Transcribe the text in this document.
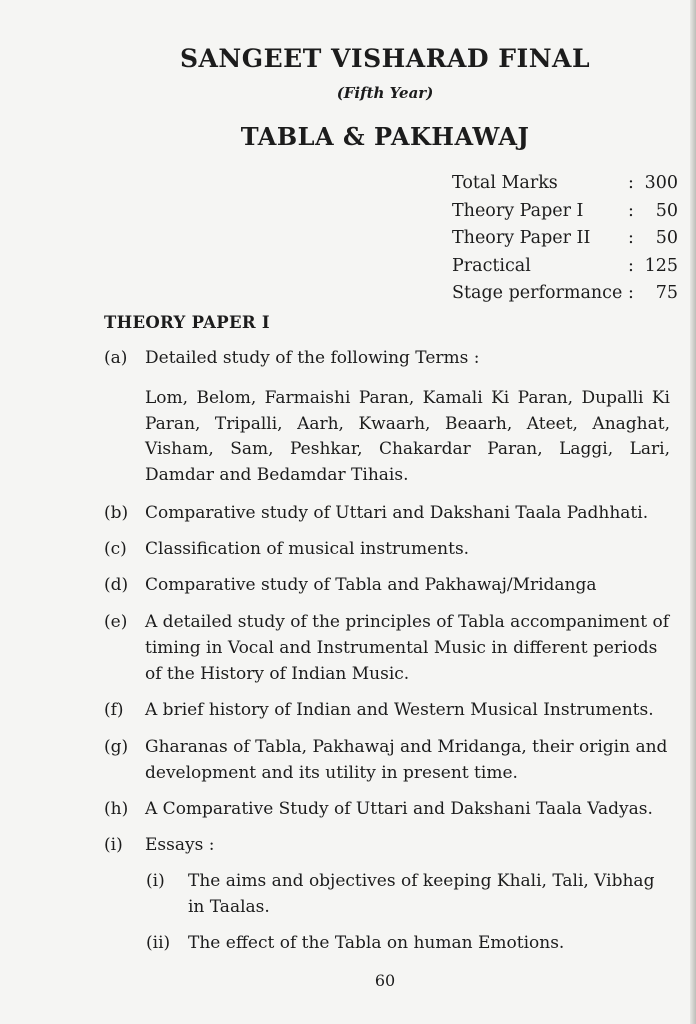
SANGEET VISHARAD FINAL
(Fifth Year)
TABLA & PAKHAWAJ
Total Marks	: 300
Theory Paper I	:	50
Theory Paper II	:	50
Practical	: 125
Stage performance :	75
THEORY PAPER I
(a)	Detailed study of the following Terms :
Lom, Belom, Farmaishi Paran, Kamali Ki Paran, Dupalli Ki Paran, Tripalli, Aarh, Kwaarh, Beaarh, Ateet, Anaghat, Visham, Sam, Peshkar, Chakardar Paran, Laggi, Lari, Damdar and Bedamdar Tihais.
(b) Comparative study of Uttari and Dakshani Taala Padhhati.
(c)	Classification of musical instruments.
(d) Comparative study of Tabla and Pakhawaj/Mridanga
(e)	A detailed study of the principles of Tabla accompaniment of
timing in Vocal and Instrumental Music in different periods
of the History of Indian Music.
(f)	A brief history of Indian and Western Musical Instruments.
(g) Gharanas of Tabla, Pakhawaj and Mridanga, their origin and
development and its utility in present time.
(h) A Comparative Study of Uttari and Dakshani Taala Vadyas.
(i)	Essays :
(i)	The aims and objectives of keeping Khali, Tali, Vibhag
in Taalas.
(ii)	The effect of the Tabla on human Emotions.
60
